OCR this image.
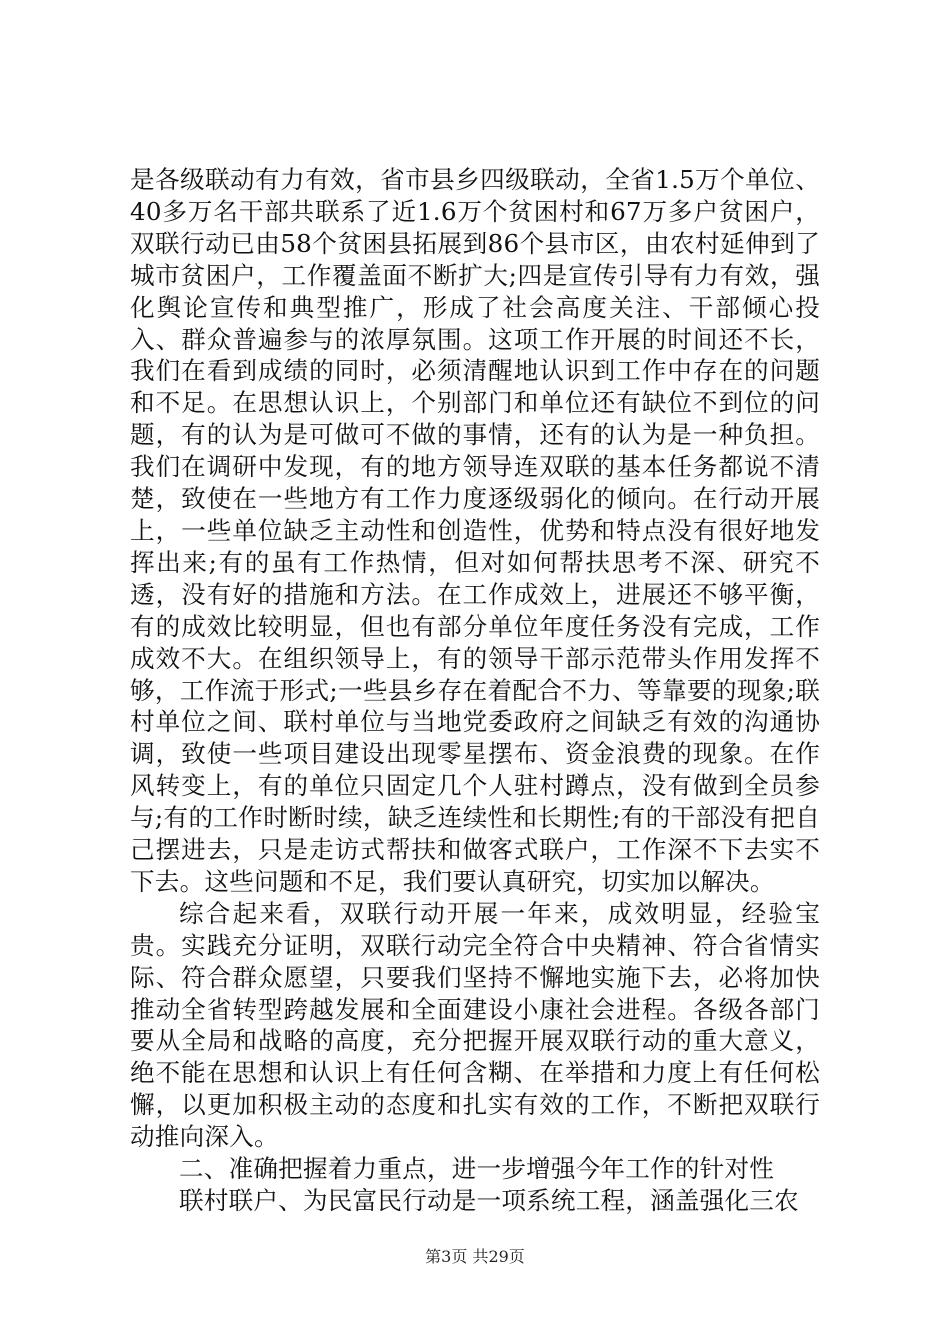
是各级联动有力有效，省市县乡四级联动，全省1.5万个单位、40多万名干部共联系了近1.6万个贫困村和67万多户贫困户，双联行动已由58个贫困县拓展到86个县市区，由农村延伸到了城市贫困户，工作覆盖面不断扩大;四是宣传引导有力有效，强化舆论宣传和典型推广，形成了社会高度关注、干部倾心投入、群众普遍参与的浓厚氛围。这项工作开展的时间还不长，我们在看到成绩的同时，必须清醒地认识到工作中存在的问题和不足。在思想认识上，个别部门和单位还有缺位不到位的问题，有的认为是可做可不做的事情，还有的认为是一种负担。我们在调研中发现，有的地方领导连双联的基本任务都说不清楚，致使在一些地方有工作力度逐级弱化的倾向。在行动开展上，一些单位缺乏主动性和创造性，优势和特点没有很好地发挥出来;有的虽有工作热情，但对如何帮扶思考不深、研究不透，没有好的措施和方法。在工作成效上，进展还不够平衡，有的成效比较明显，但也有部分单位年度任务没有完成，工作成效不大。在组织领导上，有的领导干部示范带头作用发挥不够，工作流于形式;一些县乡存在着配合不力、等靠要的现象;联村单位之间、联村单位与当地党委政府之间缺乏有效的沟通协调，致使一些项目建设出现零星摆布、资金浪费的现象。在作风转变上，有的单位只固定几个人驻村蹲点，没有做到全员参与;有的工作时断时续，缺乏连续性和长期性;有的干部没有把自己摆进去，只是走访式帮扶和做客式联户，工作深不下去实不下去。这些问题和不足，我们要认真研究，切实加以解决。

综合起来看，双联行动开展一年来，成效明显，经验宝贵。实践充分证明，双联行动完全符合中央精神、符合省情实际、符合群众愿望，只要我们坚持不懈地实施下去，必将加快推动全省转型跨越发展和全面建设小康社会进程。各级各部门要从全局和战略的高度，充分把握开展双联行动的重大意义，绝不能在思想和认识上有任何含糊、在举措和力度上有任何松懈，以更加积极主动的态度和扎实有效的工作，不断把双联行动推向深入。

二、准确把握着力重点，进一步增强今年工作的针对性

联村联户、为民富民行动是一项系统工程，涵盖强化三农

第3页 共29页
